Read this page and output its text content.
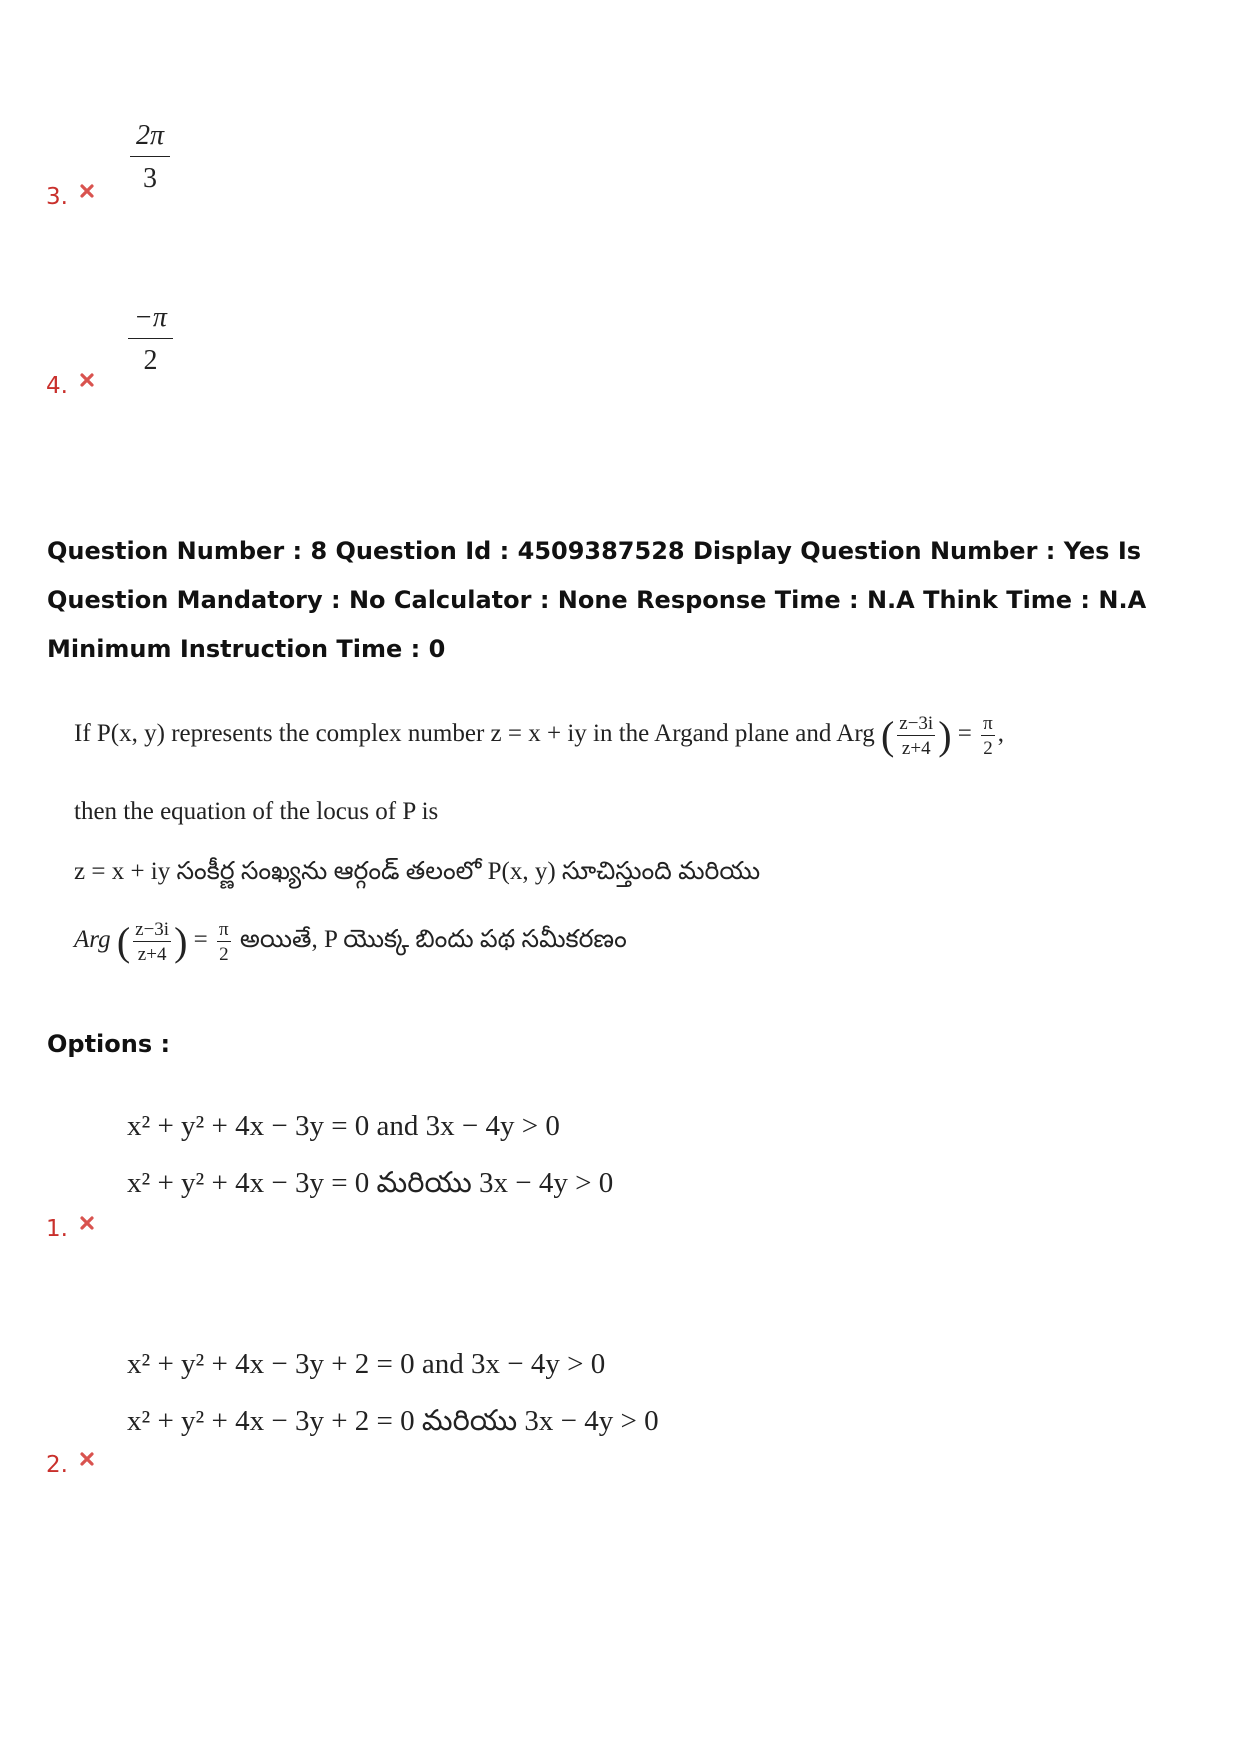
2π
3
3.
−π
2
4.
Question Number : 8 Question Id : 4509387528 Display Question Number : Yes Is Question Mandatory : No Calculator : None Response Time : N.A Think Time : N.A Minimum Instruction Time : 0
If P(x, y) represents the complex number z = x + iy in the Argand plane and Arg ( $\frac{z-3i}{z+4}$ ) = $\frac{\pi}{2}$ ,
then the equation of the locus of P is
z = x + iy సంకీర్ణ సంఖ్యను ఆర్గండ్ తలంలో P(x, y) సూచిస్తుంది మరియు
Arg ( $\frac{z-3i}{z+4}$ ) = $\frac{\pi}{2}$ అయితే, P యొక్క బిందు పథ సమీకరణం
Options :
x² + y² + 4x − 3y = 0 and 3x − 4y > 0
x² + y² + 4x − 3y = 0 మరియు 3x − 4y > 0
1.
x² + y² + 4x − 3y + 2 = 0 and 3x − 4y > 0
x² + y² + 4x − 3y + 2 = 0 మరియు 3x − 4y > 0
2.
